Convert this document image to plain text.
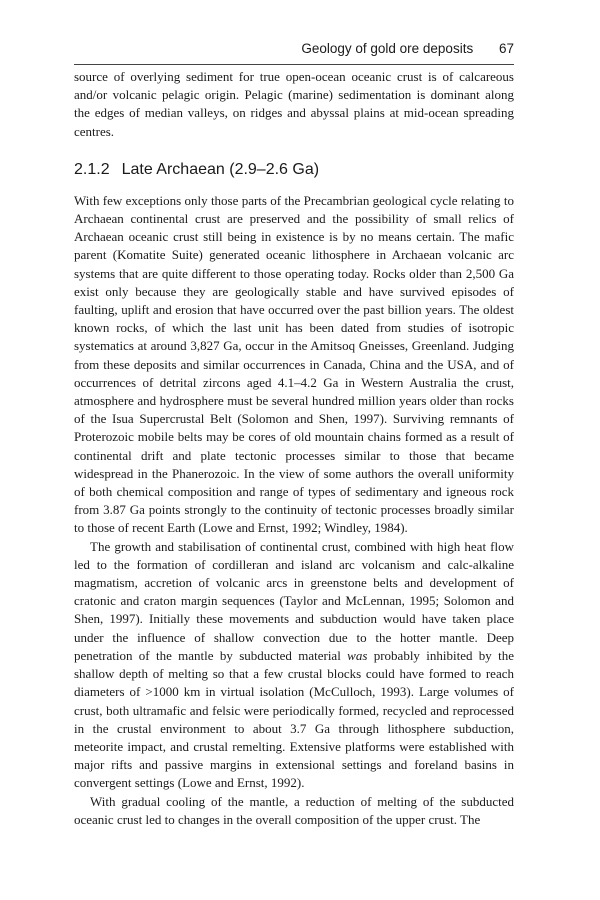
Geology of gold ore deposits 67

source of overlying sediment for true open-ocean oceanic crust is of calcareous and/or volcanic pelagic origin. Pelagic (marine) sedimentation is dominant along the edges of median valleys, on ridges and abyssal plains at mid-ocean spreading centres.

2.1.2 Late Archaean (2.9–2.6 Ga)

With few exceptions only those parts of the Precambrian geological cycle relating to Archaean continental crust are preserved and the possibility of small relics of Archaean oceanic crust still being in existence is by no means certain. The mafic parent (Komatite Suite) generated oceanic lithosphere in Archaean volcanic arc systems that are quite different to those operating today. Rocks older than 2,500 Ga exist only because they are geologically stable and have survived episodes of faulting, uplift and erosion that have occurred over the past billion years. The oldest known rocks, of which the last unit has been dated from studies of isotropic systematics at around 3,827 Ga, occur in the Amitsoq Gneisses, Greenland. Judging from these deposits and similar occurrences in Canada, China and the USA, and of occurrences of detrital zircons aged 4.1–4.2 Ga in Western Australia the crust, atmosphere and hydrosphere must be several hundred million years older than rocks of the Isua Supercrustal Belt (Solomon and Shen, 1997). Surviving remnants of Proterozoic mobile belts may be cores of old mountain chains formed as a result of continental drift and plate tectonic processes similar to those that became widespread in the Phanerozoic. In the view of some authors the overall uniformity of both chemical composition and range of types of sedimentary and igneous rock from 3.87 Ga points strongly to the continuity of tectonic processes broadly similar to those of recent Earth (Lowe and Ernst, 1992; Windley, 1984).

The growth and stabilisation of continental crust, combined with high heat flow led to the formation of cordilleran and island arc volcanism and calc-alkaline magmatism, accretion of volcanic arcs in greenstone belts and development of cratonic and craton margin sequences (Taylor and McLennan, 1995; Solomon and Shen, 1997). Initially these movements and subduction would have taken place under the influence of shallow convection due to the hotter mantle. Deep penetration of the mantle by subducted material was probably inhibited by the shallow depth of melting so that a few crustal blocks could have formed to reach diameters of >1000 km in virtual isolation (McCulloch, 1993). Large volumes of crust, both ultramafic and felsic were periodically formed, recycled and reprocessed in the crustal environment to about 3.7 Ga through lithosphere subduction, meteorite impact, and crustal remelting. Extensive platforms were established with major rifts and passive margins in extensional settings and foreland basins in convergent settings (Lowe and Ernst, 1992).

With gradual cooling of the mantle, a reduction of melting of the subducted oceanic crust led to changes in the overall composition of the upper crust. The
